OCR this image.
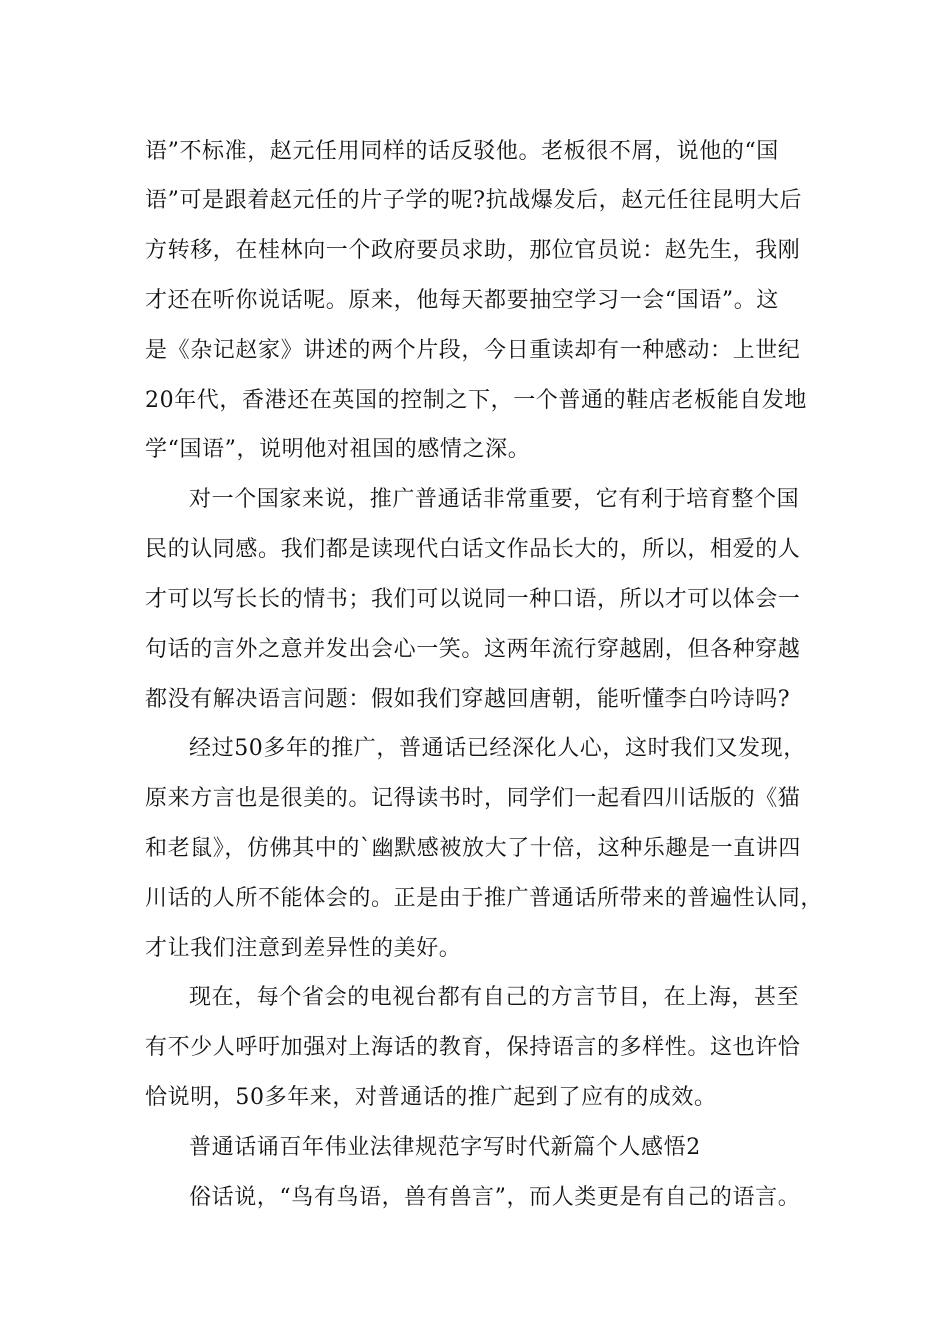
语”不标准，赵元任用同样的话反驳他。老板很不屑，说他的“国
语”可是跟着赵元任的片子学的呢?抗战爆发后，赵元任往昆明大后
方转移，在桂林向一个政府要员求助，那位官员说：赵先生，我刚
才还在听你说话呢。原来，他每天都要抽空学习一会“国语”。这
是《杂记赵家》讲述的两个片段，今日重读却有一种感动：上世纪
20年代，香港还在英国的控制之下，一个普通的鞋店老板能自发地
学“国语”，说明他对祖国的感情之深。
对一个国家来说，推广普通话非常重要，它有利于培育整个国
民的认同感。我们都是读现代白话文作品长大的，所以，相爱的人
才可以写长长的情书；我们可以说同一种口语，所以才可以体会一
句话的言外之意并发出会心一笑。这两年流行穿越剧，但各种穿越
都没有解决语言问题：假如我们穿越回唐朝，能听懂李白吟诗吗?
经过50多年的推广，普通话已经深化人心，这时我们又发现，
原来方言也是很美的。记得读书时，同学们一起看四川话版的《猫
和老鼠》，仿佛其中的`幽默感被放大了十倍，这种乐趣是一直讲四
川话的人所不能体会的。正是由于推广普通话所带来的普遍性认同，
才让我们注意到差异性的美好。
现在，每个省会的电视台都有自己的方言节目，在上海，甚至
有不少人呼吁加强对上海话的教育，保持语言的多样性。这也许恰
恰说明，50多年来，对普通话的推广起到了应有的成效。
普通话诵百年伟业法律规范字写时代新篇个人感悟2
俗话说，“鸟有鸟语，兽有兽言”，而人类更是有自己的语言。
